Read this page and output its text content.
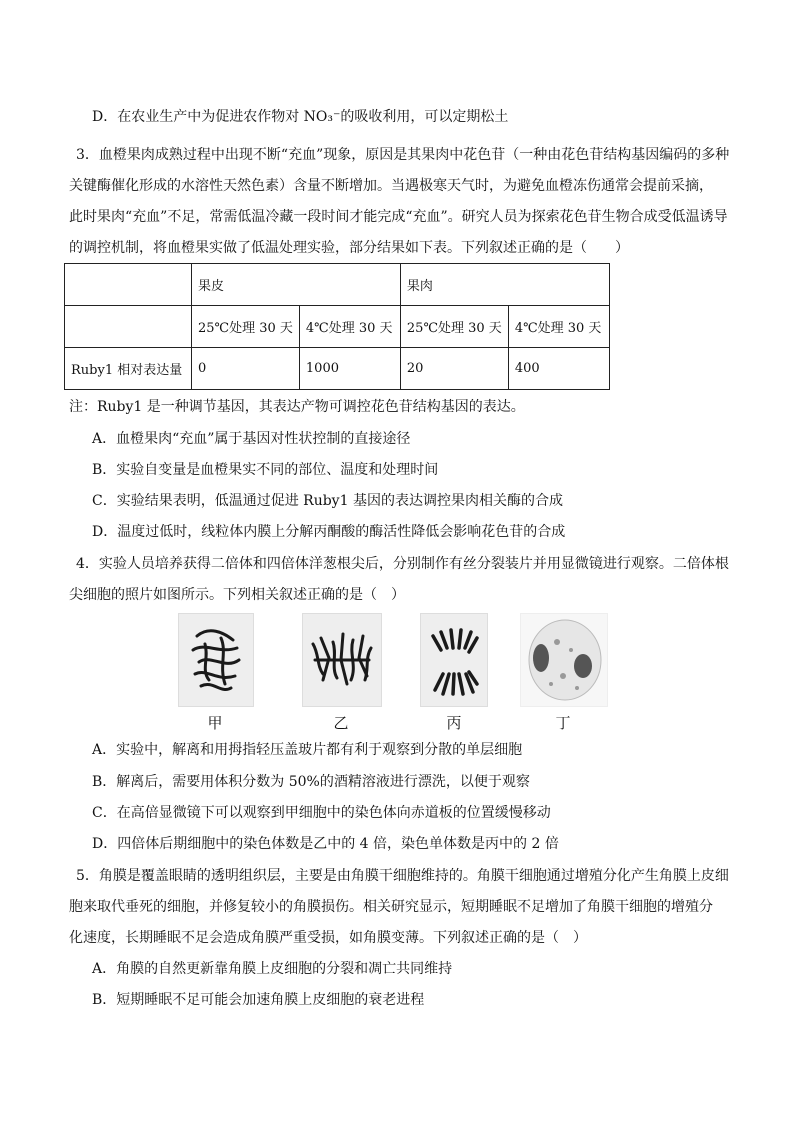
D．在农业生产中为促进农作物对 NO₃⁻的吸收利用，可以定期松土
3．血橙果肉成熟过程中出现不断“充血”现象，原因是其果肉中花色苷（一种由花色苷结构基因编码的多种
关键酶催化形成的水溶性天然色素）含量不断增加。当遇极寒天气时，为避免血橙冻伤通常会提前采摘，
此时果肉“充血”不足，常需低温冷藏一段时间才能完成“充血”。研究人员为探索花色苷生物合成受低温诱导
的调控机制，将血橙果实做了低温处理实验，部分结果如下表。下列叙述正确的是（　　）
	果皮		果肉	
	25℃处理 30 天	4℃处理 30 天	25℃处理 30 天	4℃处理 30 天
Ruby1 相对表达量	0	1000	20	400
注：Ruby1 是一种调节基因，其表达产物可调控花色苷结构基因的表达。
A．血橙果肉“充血”属于基因对性状控制的直接途径
B．实验自变量是血橙果实不同的部位、温度和处理时间
C．实验结果表明，低温通过促进 Ruby1 基因的表达调控果肉相关酶的合成
D．温度过低时，线粒体内膜上分解丙酮酸的酶活性降低会影响花色苷的合成
4．实验人员培养获得二倍体和四倍体洋葱根尖后，分别制作有丝分裂装片并用显微镜进行观察。二倍体根
尖细胞的照片如图所示。下列相关叙述正确的是（　）
甲	乙	丙	丁
A．实验中，解离和用拇指轻压盖玻片都有利于观察到分散的单层细胞
B．解离后，需要用体积分数为 50%的酒精溶液进行漂洗，以便于观察
C．在高倍显微镜下可以观察到甲细胞中的染色体向赤道板的位置缓慢移动
D．四倍体后期细胞中的染色体数是乙中的 4 倍，染色单体数是丙中的 2 倍
5．角膜是覆盖眼睛的透明组织层，主要是由角膜干细胞维持的。角膜干细胞通过增殖分化产生角膜上皮细
胞来取代垂死的细胞，并修复较小的角膜损伤。相关研究显示，短期睡眠不足增加了角膜干细胞的增殖分
化速度，长期睡眠不足会造成角膜严重受损，如角膜变薄。下列叙述正确的是（　）
A．角膜的自然更新靠角膜上皮细胞的分裂和凋亡共同维持
B．短期睡眠不足可能会加速角膜上皮细胞的衰老进程
